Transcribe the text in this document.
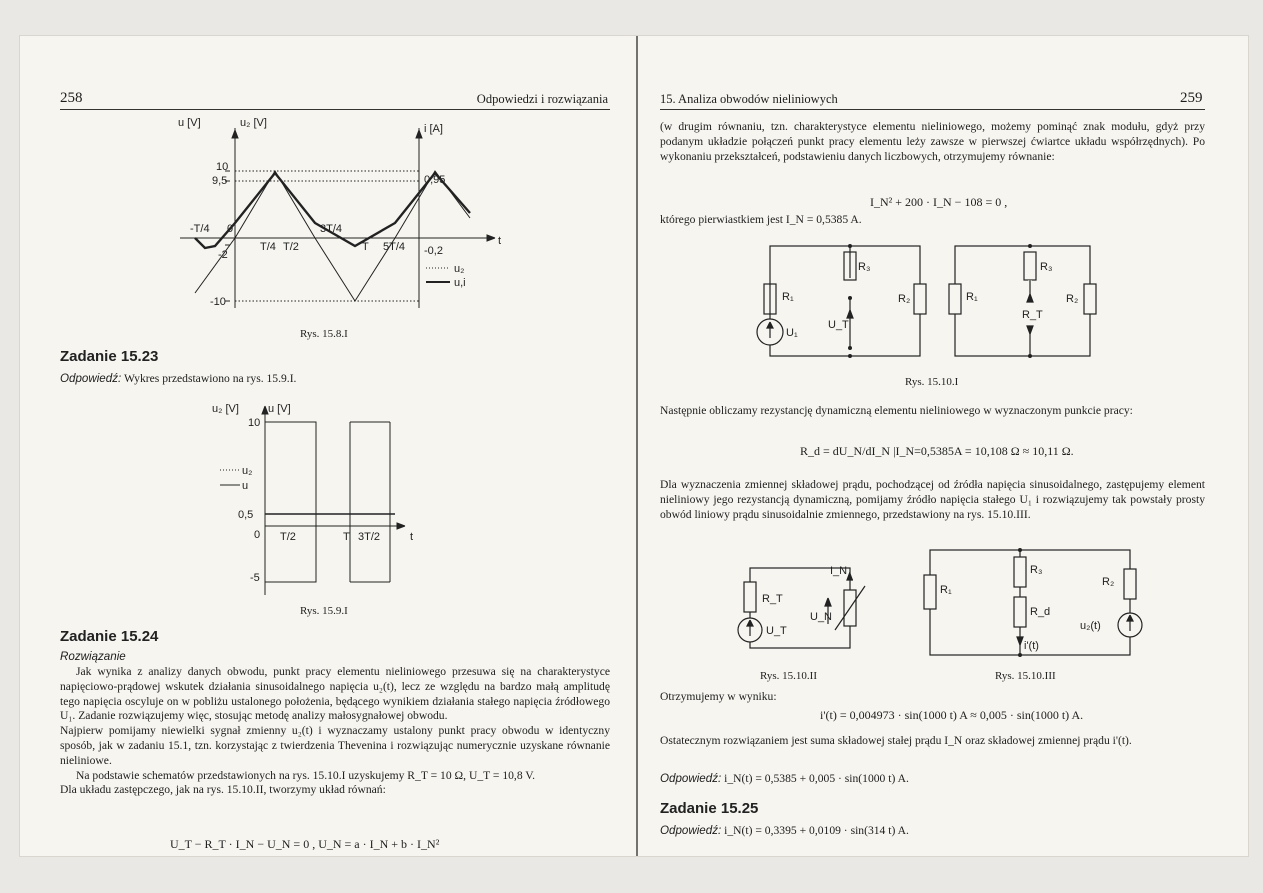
258	Odpowiedzi i rozwiązania
u [V]	u₂ [V]	i [A]
t
10
9,5
-2
-10
-T/4 0
T/4 T/2
3T/4
T 5T/4
0,95
-0,2
u₂
u,i
Rys. 15.8.I
Zadanie 15.23
Odpowiedź: Wykres przedstawiono na rys. 15.9.I.
u₂ [V]	u [V]
10
0,5
0 T/2	T 3T/2	t
-5
u₂
u
Rys. 15.9.I
Zadanie 15.24
Rozwiązanie

Jak wynika z analizy danych obwodu, punkt pracy elementu nieliniowego przesuwa się na charakterystyce napięciowo-prądowej wskutek działania sinusoidalnego napięcia u₂(t), lecz ze względu na bardzo małą amplitudę tego napięcia oscyluje on w pobliżu ustalonego położenia, będącego wynikiem działania stałego napięcia źródłowego U₁. Zadanie rozwiązujemy więc, stosując metodę analizy małosygnałowej obwodu.

Najpierw pomijamy niewielki sygnał zmienny u₂(t) i wyznaczamy ustalony punkt pracy obwodu w identyczny sposób, jak w zadaniu 15.1, tzn. korzystając z twierdzenia Thevenina i rozwiązując numerycznie uzyskane równanie nieliniowe.

Na podstawie schematów przedstawionych na rys. 15.10.I uzyskujemy R_T = 10 Ω, U_T = 10,8 V.

Dla układu zastępczego, jak na rys. 15.10.II, tworzymy układ równań:

U_T − R_T · I_N − U_N = 0 , U_N = a · I_N + b · I_N²
15. Analiza obwodów nieliniowych	259
(w drugim równaniu, tzn. charakterystyce elementu nieliniowego, możemy pominąć znak modułu, gdyż przy podanym układzie połączeń punkt pracy elementu leży zawsze w pierwszej ćwiartce układu współrzędnych). Po wykonaniu przekształceń, podstawieniu danych liczbowych, otrzymujemy równanie:
I_N² + 200 · I_N − 108 = 0 ,
którego pierwiastkiem jest I_N = 0,5385 A.
R₁
R₃
R₂
U_T
U₁
R₁
R₃
R₂
R_T
Rys. 15.10.I
Następnie obliczamy rezystancję dynamiczną elementu nieliniowego w wyznaczonym punkcie pracy:
R_d = dU_N/dI_N |I_N=0,5385A = 10,108 Ω ≈ 10,11 Ω.
Dla wyznaczenia zmiennej składowej prądu, pochodzącej od źródła napięcia sinusoidalnego, zastępujemy element nieliniowy jego rezystancją dynamiczną, pomijamy źródło napięcia stałego U₁ i rozwiązujemy tak powstały prosty obwód liniowy prądu sinusoidalnie zmiennego, przedstawiony na rys. 15.10.III.
R_T
I_N
U_N
U_T
Rys. 15.10.II
R₁
R₃
R₂
R_d
i'(t)
u₂(t)
Rys. 15.10.III
Otrzymujemy w wyniku:
i'(t) = 0,004973 · sin(1000 t) A ≈ 0,005 · sin(1000 t) A.
Ostatecznym rozwiązaniem jest suma składowej stałej prądu I_N oraz składowej zmiennej prądu i'(t).
Odpowiedź: i_N(t) = 0,5385 + 0,005 · sin(1000 t) A.
Zadanie 15.25
Odpowiedź: i_N(t) = 0,3395 + 0,0109 · sin(314 t) A.
